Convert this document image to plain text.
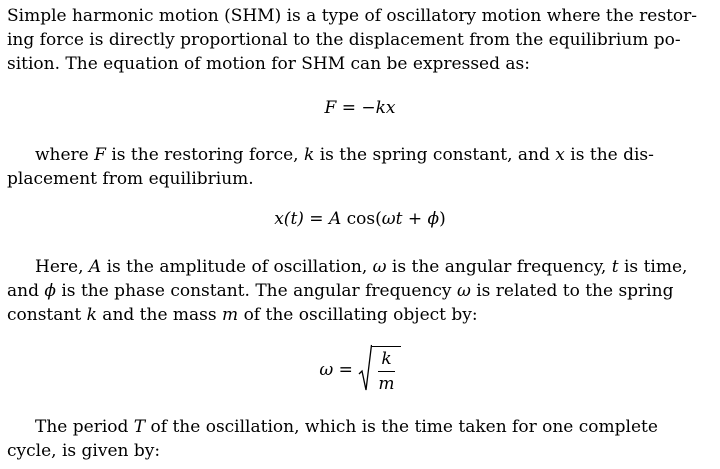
Simple harmonic motion (SHM) is a type of oscillatory motion where the restor-
ing force is directly proportional to the displacement from the equilibrium po-
sition. The equation of motion for SHM can be expressed as:

F = −kx

where F is the restoring force, k is the spring constant, and x is the dis-
placement from equilibrium.

x(t) = A cos(ωt + ϕ)

Here, A is the amplitude of oscillation, ω is the angular frequency, t is time,
and ϕ is the phase constant. The angular frequency ω is related to the spring
constant k and the mass m of the oscillating object by:

$\omega = \frac{k}{m}$

The period T of the oscillation, which is the time taken for one complete
cycle, is given by:
